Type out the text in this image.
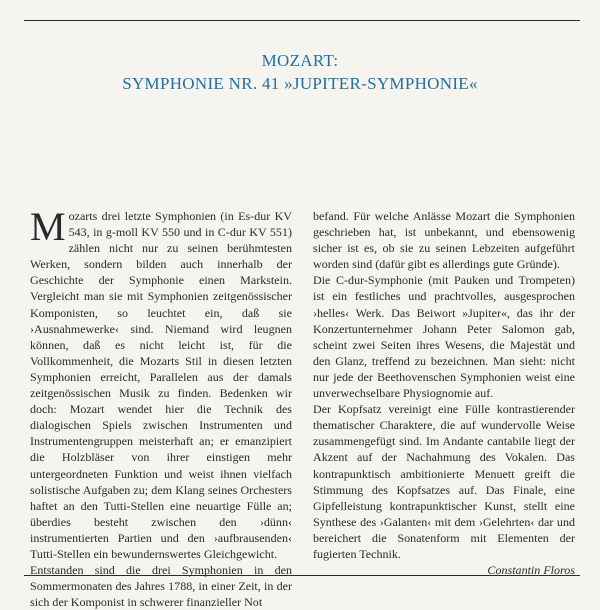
MOZART:
SYMPHONIE NR. 41 »JUPITER-SYMPHONIE«

Mozarts drei letzte Symphonien (in Es-dur KV 543, in g-moll KV 550 und in C-dur KV 551) zählen nicht nur zu seinen berühmtesten Werken, sondern bilden auch innerhalb der Geschichte der Symphonie einen Markstein. Vergleicht man sie mit Symphonien zeitgenössischer Komponisten, so leuchtet ein, daß sie ›Ausnahmewerke‹ sind. Niemand wird leugnen können, daß es nicht leicht ist, für die Vollkommenheit, die Mozarts Stil in diesen letzten Symphonien erreicht, Parallelen aus der damals zeitgenössischen Musik zu finden. Bedenken wir doch: Mozart wendet hier die Technik des dialogischen Spiels zwischen Instrumenten und Instrumentengruppen meisterhaft an; er emanzipiert die Holzbläser von ihrer einstigen mehr untergeordneten Funktion und weist ihnen vielfach solistische Aufgaben zu; dem Klang seines Orchesters haftet an den Tutti-Stellen eine neuartige Fülle an; überdies besteht zwischen den ›dünn‹ instrumentierten Partien und den ›aufbrausenden‹ Tutti-Stellen ein bewundernswertes Gleichgewicht.

Entstanden sind die drei Symphonien in den Sommermonaten des Jahres 1788, in einer Zeit, in der sich der Komponist in schwerer finanzieller Not

befand. Für welche Anlässe Mozart die Symphonien geschrieben hat, ist unbekannt, und ebensowenig sicher ist es, ob sie zu seinen Lebzeiten aufgeführt worden sind (dafür gibt es allerdings gute Gründe).

Die C-dur-Symphonie (mit Pauken und Trompeten) ist ein festliches und prachtvolles, ausgesprochen ›helles‹ Werk. Das Beiwort »Jupiter«, das ihr der Konzertunternehmer Johann Peter Salomon gab, scheint zwei Seiten ihres Wesens, die Majestät und den Glanz, treffend zu bezeichnen. Man sieht: nicht nur jede der Beethovenschen Symphonien weist eine unverwechselbare Physiognomie auf.

Der Kopfsatz vereinigt eine Fülle kontrastierender thematischer Charaktere, die auf wundervolle Weise zusammengefügt sind. Im Andante cantabile liegt der Akzent auf der Nachahmung des Vokalen. Das kontrapunktisch ambitionierte Menuett greift die Stimmung des Kopfsatzes auf. Das Finale, eine Gipfelleistung kontrapunktischer Kunst, stellt eine Synthese des ›Galanten‹ mit dem ›Gelehrten‹ dar und bereichert die Sonatenform mit Elementen der fugierten Technik.

Constantin Floros
